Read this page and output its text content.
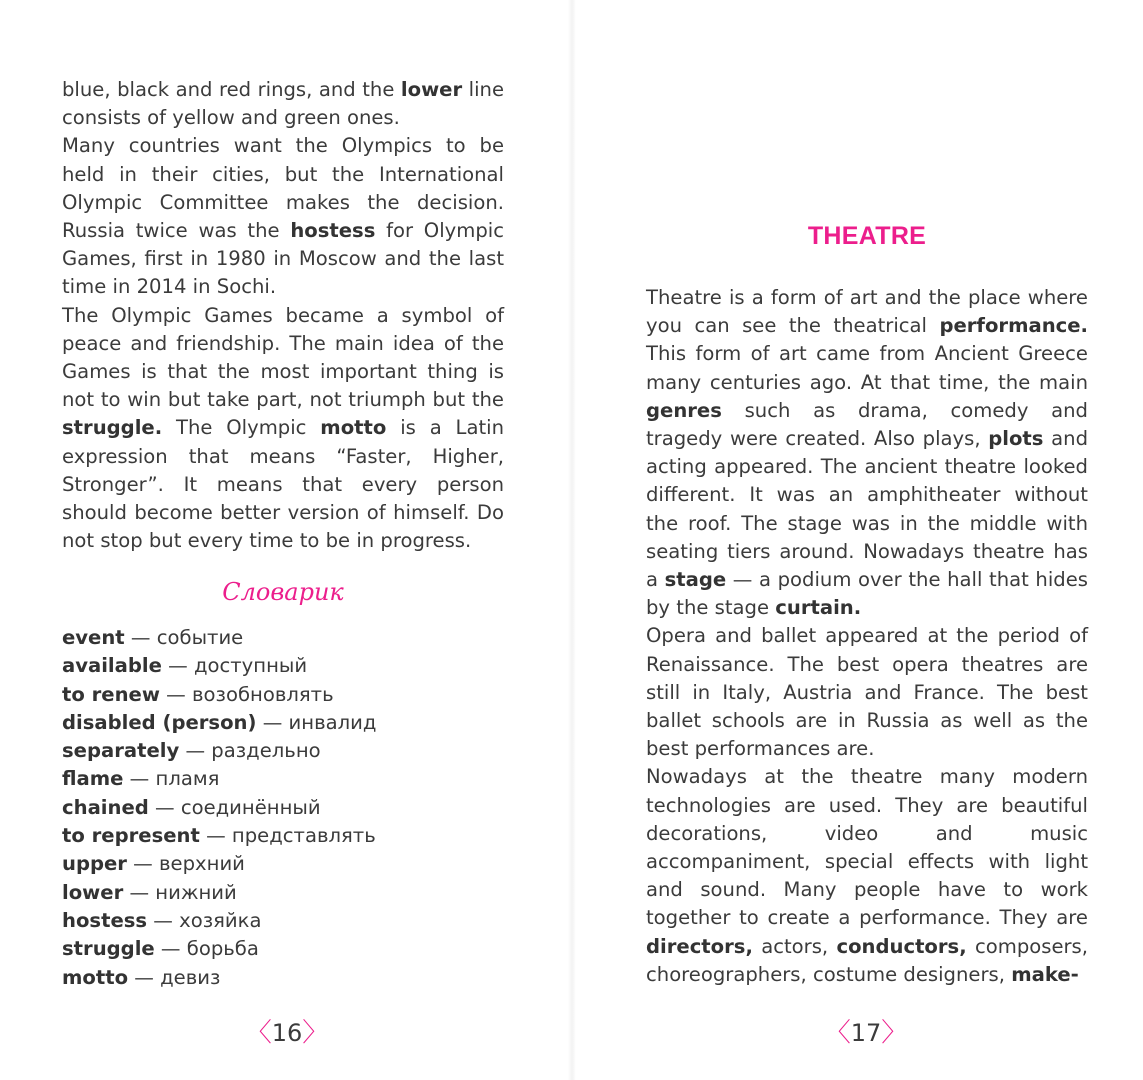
blue, black and red rings, and the lower line consists of yellow and green ones.

Many countries want the Olympics to be held in their cities, but the International Olympic Committee makes the decision. Russia twice was the hostess for Olympic Games, first in 1980 in Moscow and the last time in 2014 in Sochi.

The Olympic Games became a symbol of peace and friendship. The main idea of the Games is that the most important thing is not to win but take part, not triumph but the struggle. The Olympic motto is a Latin expression that means “Faster, Higher, Stronger”. It means that every person should become better version of himself. Do not stop but every time to be in progress.

Словарик
event — событие
available — доступный
to renew — возобновлять
disabled (person) — инвалид
separately — раздельно
flame — пламя
chained — соединённый
to represent — представлять
upper — верхний
lower — нижний
hostess — хозяйка
struggle — борьба
motto — девиз
〈16〉
THEATRE

Theatre is a form of art and the place where you can see the theatrical performance. This form of art came from Ancient Greece many centuries ago. At that time, the main genres such as drama, comedy and tragedy were created. Also plays, plots and acting appeared. The ancient theatre looked different. It was an amphitheater without the roof. The stage was in the middle with seating tiers around. Nowadays theatre has a stage — a podium over the hall that hides by the stage curtain.

Opera and ballet appeared at the period of Renaissance. The best opera theatres are still in Italy, Austria and France. The best ballet schools are in Russia as well as the best performances are.

Nowadays at the theatre many modern technologies are used. They are beautiful decorations, video and music accompaniment, special effects with light and sound. Many people have to work together to create a performance. They are directors, actors, conductors, composers, choreographers, costume designers, make-

〈17〉
